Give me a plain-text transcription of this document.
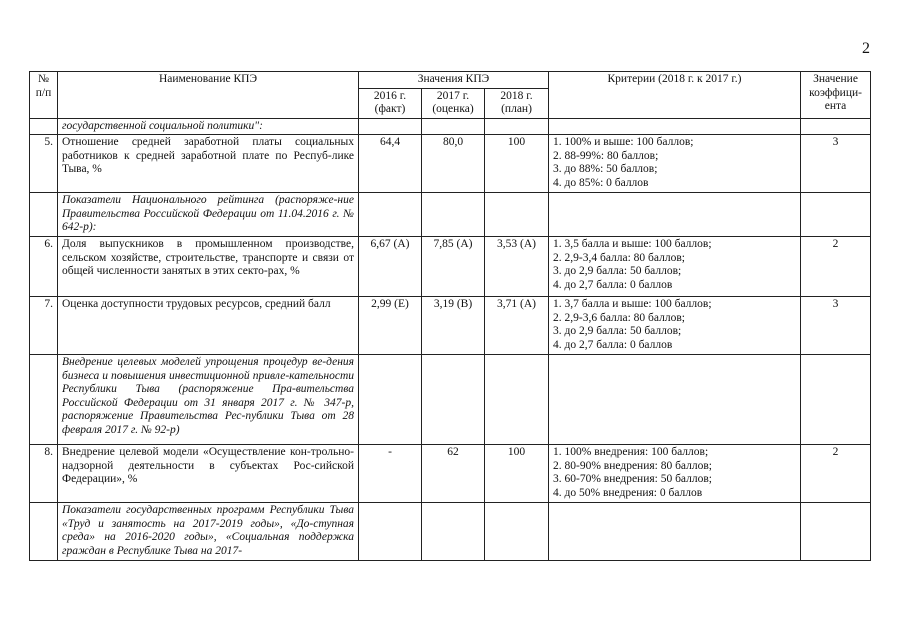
2
№ п/п	Наименование КПЭ	Значения КПЭ			Критерии (2018 г. к 2017 г.)	Значение коэффици-ента
		2016 г. (факт)	2017 г. (оценка)	2018 г. (план)		
	государственной социальной политики":					
5.	Отношение средней заработной платы социальных работников к средней заработной плате по Респуб-лике Тыва, %	64,4	80,0	100	1. 100% и выше: 100 баллов;
2. 88-99%: 80 баллов;
3. до 88%: 50 баллов;
4. до 85%: 0 баллов	3
	Показатели Национального рейтинга (распоряже-ние Правительства Российской Федерации от 11.04.2016 г. № 642-р):					
6.	Доля выпускников в промышленном производстве, сельском хозяйстве, строительстве, транспорте и связи от общей численности занятых в этих секто-рах, %	6,67 (А)	7,85 (А)	3,53 (А)	1. 3,5 балла и выше: 100 баллов;
2. 2,9-3,4 балла: 80 баллов;
3. до 2,9 балла: 50 баллов;
4. до 2,7 балла: 0 баллов	2
7.	Оценка доступности трудовых ресурсов, средний балл	2,99 (Е)	3,19 (В)	3,71 (А)	1. 3,7 балла и выше: 100 баллов;
2. 2,9-3,6 балла: 80 баллов;
3. до 2,9 балла: 50 баллов;
4. до 2,7 балла: 0 баллов	3
	Внедрение целевых моделей упрощения процедур ве-дения бизнеса и повышения инвестиционной привле-кательности Республики Тыва (распоряжение Пра-вительства Российской Федерации от 31 января 2017 г. № 347-р, распоряжение Правительства Рес-публики Тыва от 28 февраля 2017 г. № 92-р)					
8.	Внедрение целевой модели «Осуществление кон-трольно-надзорной деятельности в субъектах Рос-сийской Федерации», %	-	62	100	1. 100% внедрения: 100 баллов;
2. 80-90% внедрения: 80 баллов;
3. 60-70% внедрения: 50 баллов;
4. до 50% внедрения: 0 баллов	2
	Показатели государственных программ Республики Тыва «Труд и занятость на 2017-2019 годы», «До-ступная среда» на 2016-2020 годы», «Социальная поддержка граждан в Республике Тыва на 2017-					
